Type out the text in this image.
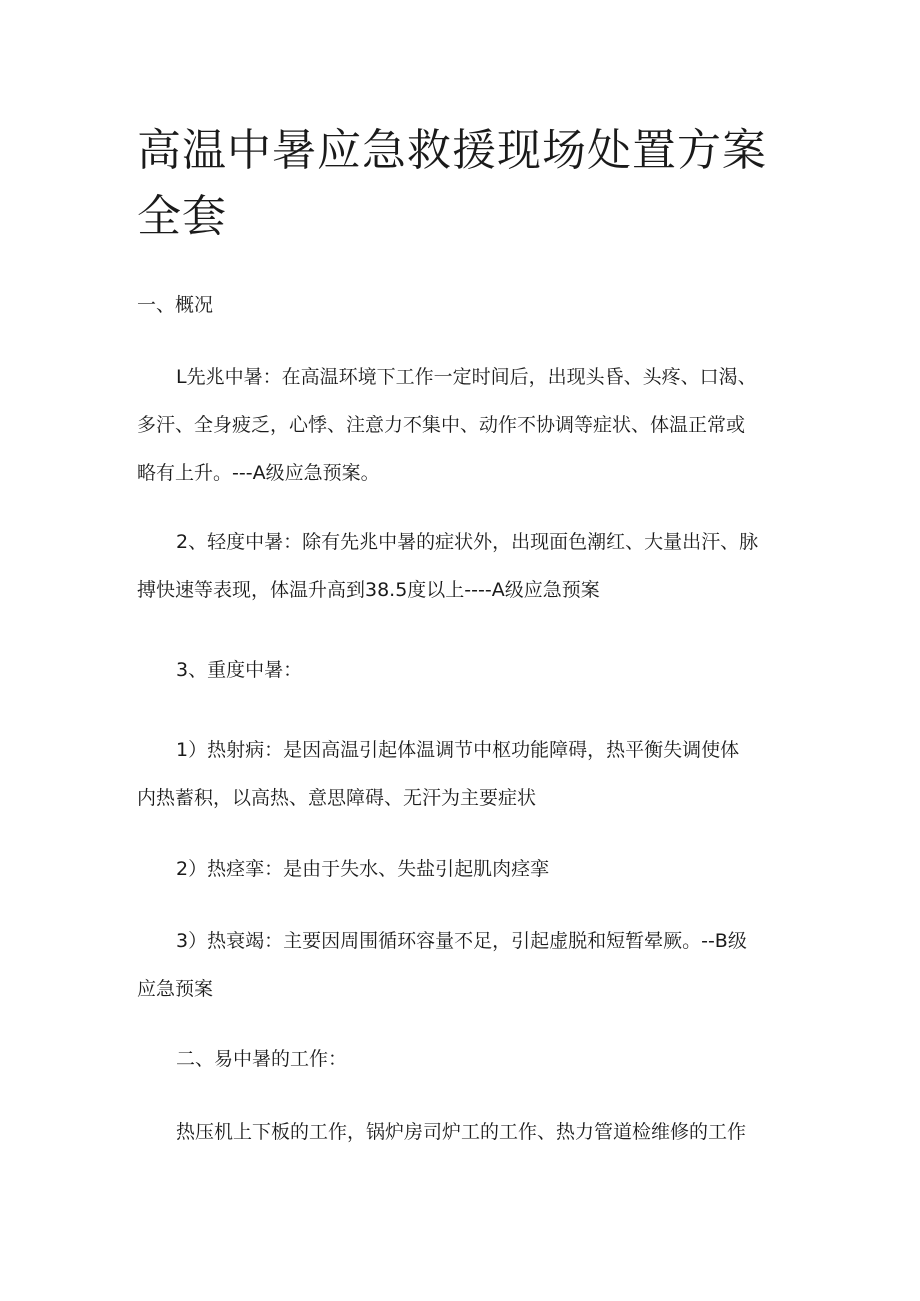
高温中暑应急救援现场处置方案全套

一、概况

L先兆中暑：在高温环境下工作一定时间后，出现头昏、头疼、口渴、
多汗、全身疲乏，心悸、注意力不集中、动作不协调等症状、体温正常或
略有上升。---A级应急预案。

2、轻度中暑：除有先兆中暑的症状外，出现面色潮红、大量出汗、脉
搏快速等表现，体温升高到38.5度以上----A级应急预案

3、重度中暑：

1）热射病：是因高温引起体温调节中枢功能障碍，热平衡失调使体
内热蓄积，以高热、意思障碍、无汗为主要症状

2）热痉挛：是由于失水、失盐引起肌肉痉挛

3）热衰竭：主要因周围循环容量不足，引起虚脱和短暂晕厥。--B级
应急预案

二、易中暑的工作：

热压机上下板的工作，锅炉房司炉工的工作、热力管道检维修的工作
